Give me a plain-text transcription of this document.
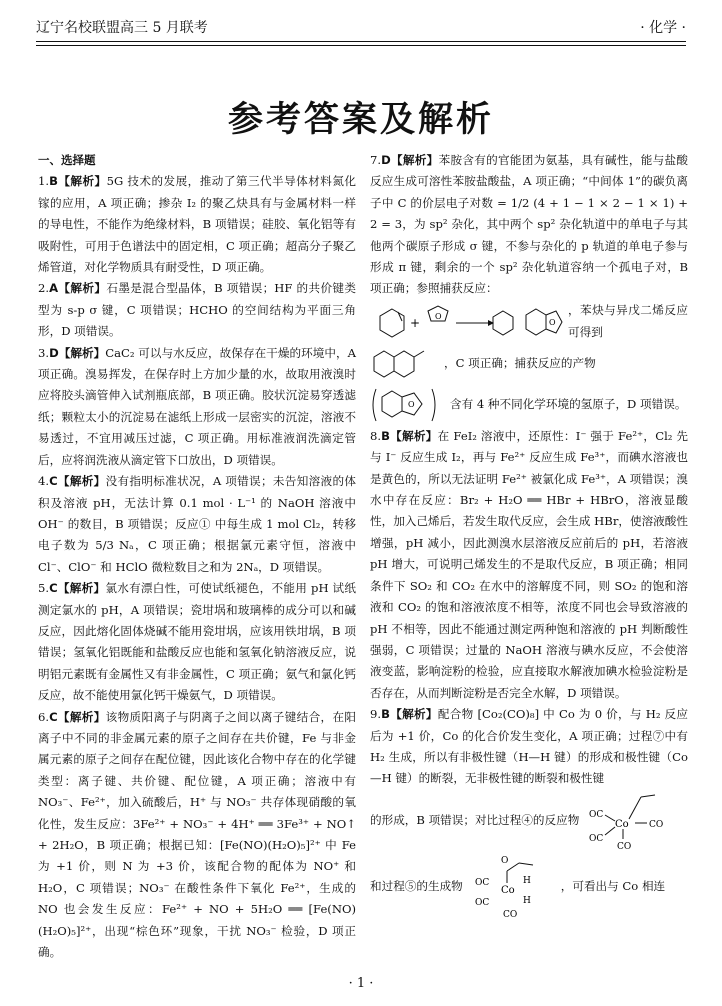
辽宁名校联盟高三 5 月联考	· 化学 ·
参考答案及解析
一、选择题

1.B【解析】5G 技术的发展，推动了第三代半导体材料氮化镓的应用，A 项正确；掺杂 I₂ 的聚乙炔具有与金属材料一样的导电性，不能作为绝缘材料，B 项错误；硅胶、氧化铝等有吸附性，可用于色谱法中的固定相，C 项正确；超高分子聚乙烯管道，对化学物质具有耐受性，D 项正确。

2.A【解析】石墨是混合型晶体，B 项错误；HF 的共价键类型为 s-p σ 键，C 项错误；HCHO 的空间结构为平面三角形，D 项错误。

3.D【解析】CaC₂ 可以与水反应，故保存在干燥的环境中，A 项正确。溴易挥发，在保存时上方加少量的水，故取用液溴时应将胶头滴管伸入试剂瓶底部，B 项正确。胶状沉淀易穿透滤纸；颗粒太小的沉淀易在滤纸上形成一层密实的沉淀，溶液不易透过，不宜用减压过滤，C 项正确。用标准液润洗滴定管后，应将润洗液从滴定管下口放出，D 项错误。

4.C【解析】没有指明标准状况，A 项错误；未告知溶液的体积及溶液 pH，无法计算 0.1 mol · L⁻¹ 的 NaOH 溶液中 OH⁻ 的数目，B 项错误；反应① 中每生成 1 mol Cl₂，转移电子数为 5/3 Nₐ，C 项正确；根据氯元素守恒，溶液中 Cl⁻、ClO⁻ 和 HClO 微粒数目之和为 2Nₐ，D 项错误。

5.C【解析】氯水有漂白性，可使试纸褪色，不能用 pH 试纸测定氯水的 pH，A 项错误；瓷坩埚和玻璃棒的成分可以和碱反应，因此熔化固体烧碱不能用瓷坩埚，应该用铁坩埚，B 项错误；氢氧化铝既能和盐酸反应也能和氢氧化钠溶液反应，说明铝元素既有金属性又有非金属性，C 项正确；氨气和氯化钙反应，故不能使用氯化钙干燥氨气，D 项错误。

6.C【解析】该物质阳离子与阴离子之间以离子键结合，在阳离子中不同的非金属元素的原子之间存在共价键，Fe 与非金属元素的原子之间存在配位键，因此该化合物中存在的化学键类型：离子键、共价键、配位键，A 项正确；溶液中有 NO₃⁻、Fe²⁺，加入硫酸后，H⁺ 与 NO₃⁻ 共存体现硝酸的氧化性，发生反应：3Fe²⁺ + NO₃⁻ + 4H⁺ ══ 3Fe³⁺ + NO↑ + 2H₂O，B 项正确；根据已知：[Fe(NO)(H₂O)₅]²⁺ 中 Fe 为 +1 价，则 N 为 +3 价，该配合物的配体为 NO⁺ 和 H₂O，C 项错误；NO₃⁻ 在酸性条件下氧化 Fe²⁺，生成的 NO 也会发生反应：Fe²⁺ + NO + 5H₂O ══ [Fe(NO)(H₂O)₅]²⁺，出现“棕色环”现象，干扰 NO₃⁻ 检验，D 项正确。

7.D【解析】苯胺含有的官能团为氨基，具有碱性，能与盐酸反应生成可溶性苯胺盐酸盐，A 项正确；“中间体 1”的碳负离子中 C 的价层电子对数 = 1/2 (4 + 1 − 1 × 2 − 1 × 1) + 2 = 3，为 sp² 杂化，其中两个 sp² 杂化轨道中的单电子与其他两个碳原子形成 σ 键，不参与杂化的 p 轨道的单电子参与形成 π 键，剩余的一个 sp² 杂化轨道容纳一个孤电子对，B 项正确；参照捕获反应：

+ O
O
，苯炔与异戊二烯反应可得到
，C 项正确；捕获反应的产物
O	含有 4 种不同化学环境的氢原子，D 项错误。

8.B【解析】在 FeI₂ 溶液中，还原性：I⁻ 强于 Fe²⁺，Cl₂ 先与 I⁻ 反应生成 I₂，再与 Fe²⁺ 反应生成 Fe³⁺，而碘水溶液也是黄色的，所以无法证明 Fe²⁺ 被氯化成 Fe³⁺，A 项错误；溴水中存在反应：Br₂ + H₂O ══ HBr + HBrO，溶液显酸性，加入己烯后，若发生取代反应，会生成 HBr，使溶液酸性增强，pH 减小，因此测溴水层溶液反应前后的 pH，若溶液 pH 增大，可说明己烯发生的不是取代反应，B 项正确；相同条件下 SO₂ 和 CO₂ 在水中的溶解度不同，则 SO₂ 的饱和溶液和 CO₂ 的饱和溶液浓度不相等，浓度不同也会导致溶液的 pH 不相等，因此不能通过测定两种饱和溶液的 pH 判断酸性强弱，C 项错误；过量的 NaOH 溶液与碘水反应，不会使溶液变蓝，影响淀粉的检验，应直接取水解液加碘水检验淀粉是否存在，从而判断淀粉是否完全水解，D 项错误。

9.B【解析】配合物 [Co₂(CO)₈] 中 Co 为 0 价，与 H₂ 反应后为 +1 价，Co 的化合价发生变化，A 项正确；过程⑦中有 H₂ 生成，所以有非极性键（H—H 键）的形成和极性键（Co—H 键）的断裂，无非极性键的断裂和极性键

的形成，B 项错误；对比过程④的反应物	Co CO
OC
OC
CO
和过程⑤的生成物	Co
O
H
H
OC
OC
CO
，可看出与 Co 相连
· 1 ·
